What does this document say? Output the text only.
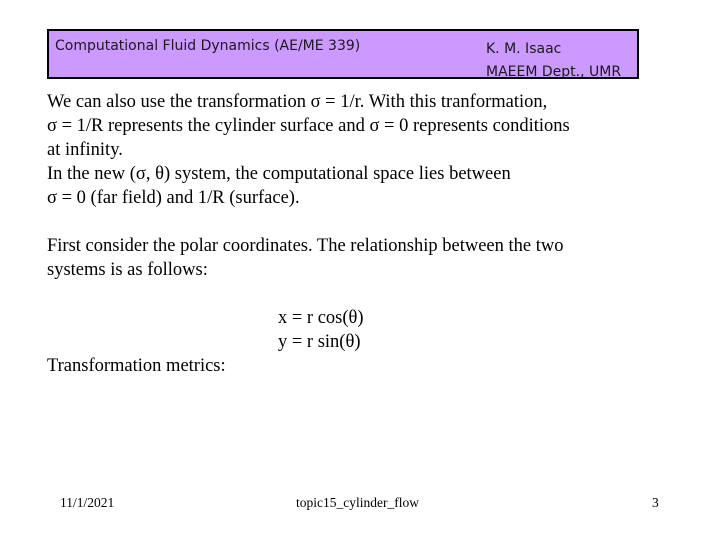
Computational Fluid Dynamics (AE/ME 339)	K. M. Isaac
MAEEM Dept., UMR
We can also use the transformation σ = 1/r. With this tranformation,
σ = 1/R represents the cylinder surface and σ = 0 represents conditions
at infinity.
In the new (σ, θ) system, the computational space lies between
σ = 0 (far field) and 1/R (surface).
First consider the polar coordinates. The relationship between the two
systems is as follows:
x = r cos(θ)
y = r sin(θ)
Transformation metrics:
11/1/2021	topic15_cylinder_flow	3
